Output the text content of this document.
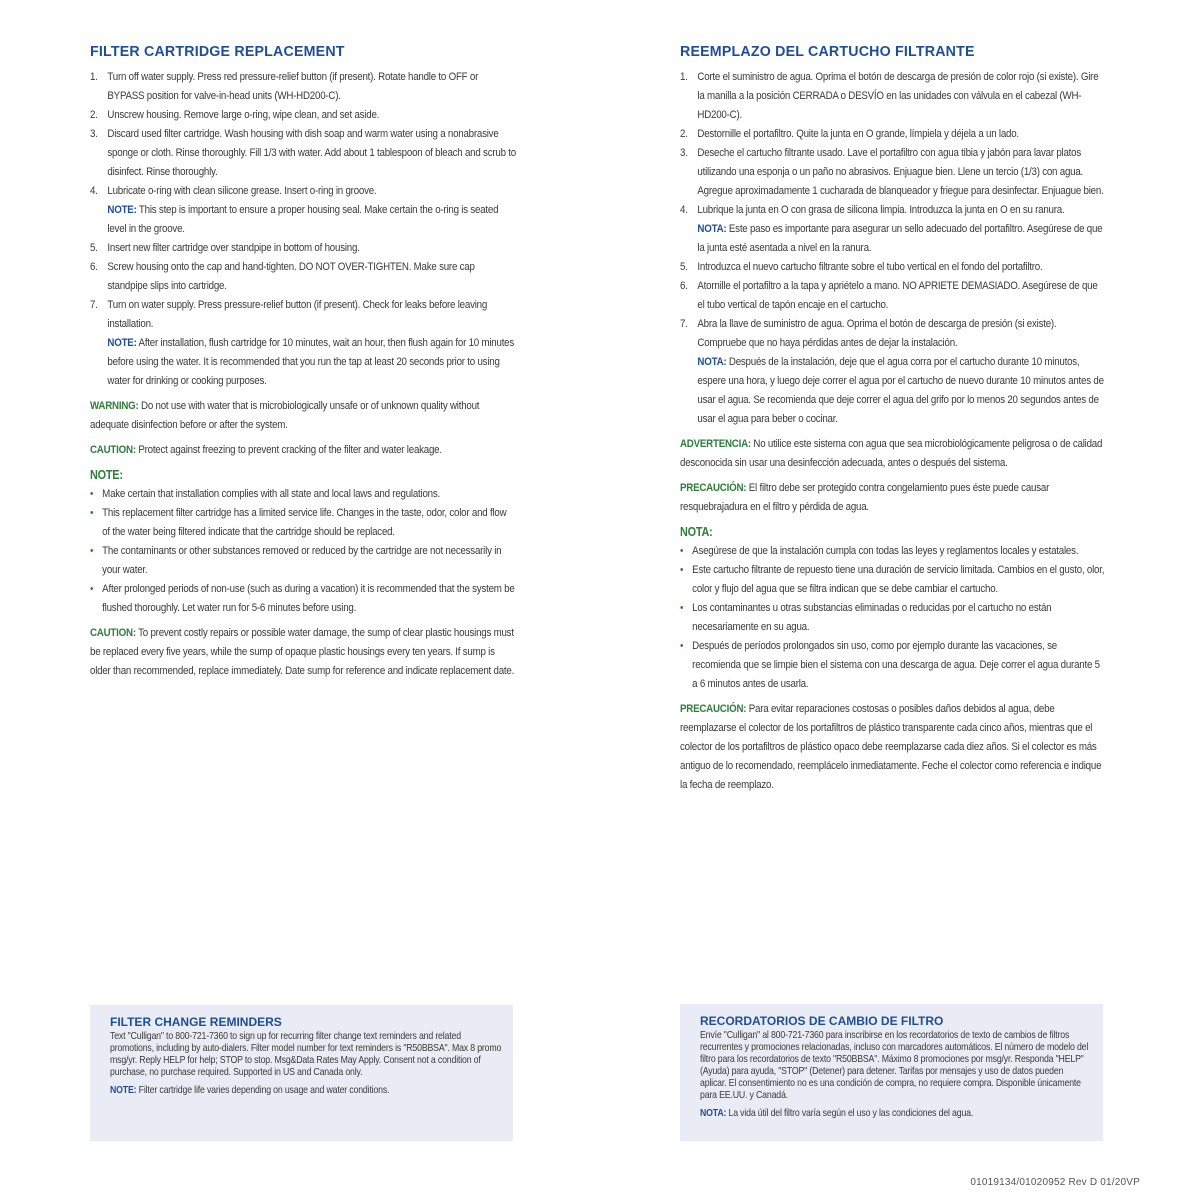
FILTER CARTRIDGE REPLACEMENT
1. Turn off water supply. Press red pressure-relief button (if present). Rotate handle to OFF or BYPASS position for valve-in-head units (WH-HD200-C).
2. Unscrew housing. Remove large o-ring, wipe clean, and set aside.
3. Discard used filter cartridge. Wash housing with dish soap and warm water using a nonabrasive sponge or cloth. Rinse thoroughly. Fill 1/3 with water. Add about 1 tablespoon of bleach and scrub to disinfect. Rinse thoroughly.
4. Lubricate o-ring with clean silicone grease. Insert o-ring in groove.
NOTE: This step is important to ensure a proper housing seal. Make certain the o-ring is seated level in the groove.
5. Insert new filter cartridge over standpipe in bottom of housing.
6. Screw housing onto the cap and hand-tighten. DO NOT OVER-TIGHTEN. Make sure cap standpipe slips into cartridge.
7. Turn on water supply. Press pressure-relief button (if present). Check for leaks before leaving installation.
NOTE: After installation, flush cartridge for 10 minutes, wait an hour, then flush again for 10 minutes before using the water. It is recommended that you run the tap at least 20 seconds prior to using water for drinking or cooking purposes.
WARNING: Do not use with water that is microbiologically unsafe or of unknown quality without adequate disinfection before or after the system.
CAUTION: Protect against freezing to prevent cracking of the filter and water leakage.
NOTE:
• Make certain that installation complies with all state and local laws and regulations.
• This replacement filter cartridge has a limited service life. Changes in the taste, odor, color and flow of the water being filtered indicate that the cartridge should be replaced.
• The contaminants or other substances removed or reduced by the cartridge are not necessarily in your water.
• After prolonged periods of non-use (such as during a vacation) it is recommended that the system be flushed thoroughly. Let water run for 5-6 minutes before using.
CAUTION: To prevent costly repairs or possible water damage, the sump of clear plastic housings must be replaced every five years, while the sump of opaque plastic housings every ten years. If sump is older than recommended, replace immediately. Date sump for reference and indicate replacement date.
REEMPLAZO DEL CARTUCHO FILTRANTE
1. Corte el suministro de agua. Oprima el botón de descarga de presión de color rojo (si existe). Gire la manilla a la posición CERRADA o DESVÍO en las unidades con válvula en el cabezal (WH-HD200-C).
2. Destornille el portafiltro. Quite la junta en O grande, límpiela y déjela a un lado.
3. Deseche el cartucho filtrante usado. Lave el portafiltro con agua tibia y jabón para lavar platos utilizando una esponja o un paño no abrasivos. Enjuague bien. Llene un tercio (1/3) con agua. Agregue aproximadamente 1 cucharada de blanqueador y friegue para desinfectar. Enjuague bien.
4. Lubrique la junta en O con grasa de silicona limpia. Introduzca la junta en O en su ranura.
NOTA: Este paso es importante para asegurar un sello adecuado del portafiltro. Asegúrese de que la junta esté asentada a nivel en la ranura.
5. Introduzca el nuevo cartucho filtrante sobre el tubo vertical en el fondo del portafiltro.
6. Atornille el portafiltro a la tapa y apriételo a mano. NO APRIETE DEMASIADO. Asegúrese de que el tubo vertical de tapón encaje en el cartucho.
7. Abra la llave de suministro de agua. Oprima el botón de descarga de presión (si existe). Compruebe que no haya pérdidas antes de dejar la instalación.
NOTA: Después de la instalación, deje que el agua corra por el cartucho durante 10 minutos, espere una hora, y luego deje correr el agua por el cartucho de nuevo durante 10 minutos antes de usar el agua. Se recomienda que deje correr el agua del grifo por lo menos 20 segundos antes de usar el agua para beber o cocinar.
ADVERTENCIA: No utilice este sistema con agua que sea microbiológicamente peligrosa o de calidad desconocida sin usar una desinfección adecuada, antes o después del sistema.
PRECAUCIÓN: El filtro debe ser protegido contra congelamiento pues éste puede causar resquebrajadura en el filtro y pérdida de agua.
NOTA:
• Asegúrese de que la instalación cumpla con todas las leyes y reglamentos locales y estatales.
• Este cartucho filtrante de repuesto tiene una duración de servicio limitada. Cambios en el gusto, olor, color y flujo del agua que se filtra indican que se debe cambiar el cartucho.
• Los contaminantes u otras substancias eliminadas o reducidas por el cartucho no están necesariamente en su agua.
• Después de períodos prolongados sin uso, como por ejemplo durante las vacaciones, se recomienda que se limpie bien el sistema con una descarga de agua. Deje correr el agua durante 5 a 6 minutos antes de usarla.
PRECAUCIÓN: Para evitar reparaciones costosas o posibles daños debidos al agua, debe reemplazarse el colector de los portafiltros de plástico transparente cada cinco años, mientras que el colector de los portafiltros de plástico opaco debe reemplazarse cada diez años. Si el colector es más antiguo de lo recomendado, reemplácelo inmediatamente. Feche el colector como referencia e indique la fecha de reemplazo.
FILTER CHANGE REMINDERS
Text "Culligan" to 800-721-7360 to sign up for recurring filter change text reminders and related promotions, including by auto-dialers. Filter model number for text reminders is "R50BBSA". Max 8 promo msg/yr. Reply HELP for help; STOP to stop. Msg&Data Rates May Apply. Consent not a condition of purchase, no purchase required. Supported in US and Canada only.
NOTE: Filter cartridge life varies depending on usage and water conditions.
RECORDATORIOS DE CAMBIO DE FILTRO
Envíe "Culligan" al 800-721-7360 para inscribirse en los recordatorios de texto de cambios de filtros recurrentes y promociones relacionadas, incluso con marcadores automáticos. El número de modelo del filtro para los recordatorios de texto "R50BBSA". Máximo 8 promociones por msg/yr. Responda "HELP" (Ayuda) para ayuda, "STOP" (Detener) para detener. Tarifas por mensajes y uso de datos pueden aplicar. El consentimiento no es una condición de compra, no requiere compra. Disponible únicamente para EE.UU. y Canadá.
NOTA: La vida útil del filtro varía según el uso y las condiciones del agua.
01019134/01020952 Rev D 01/20VP
